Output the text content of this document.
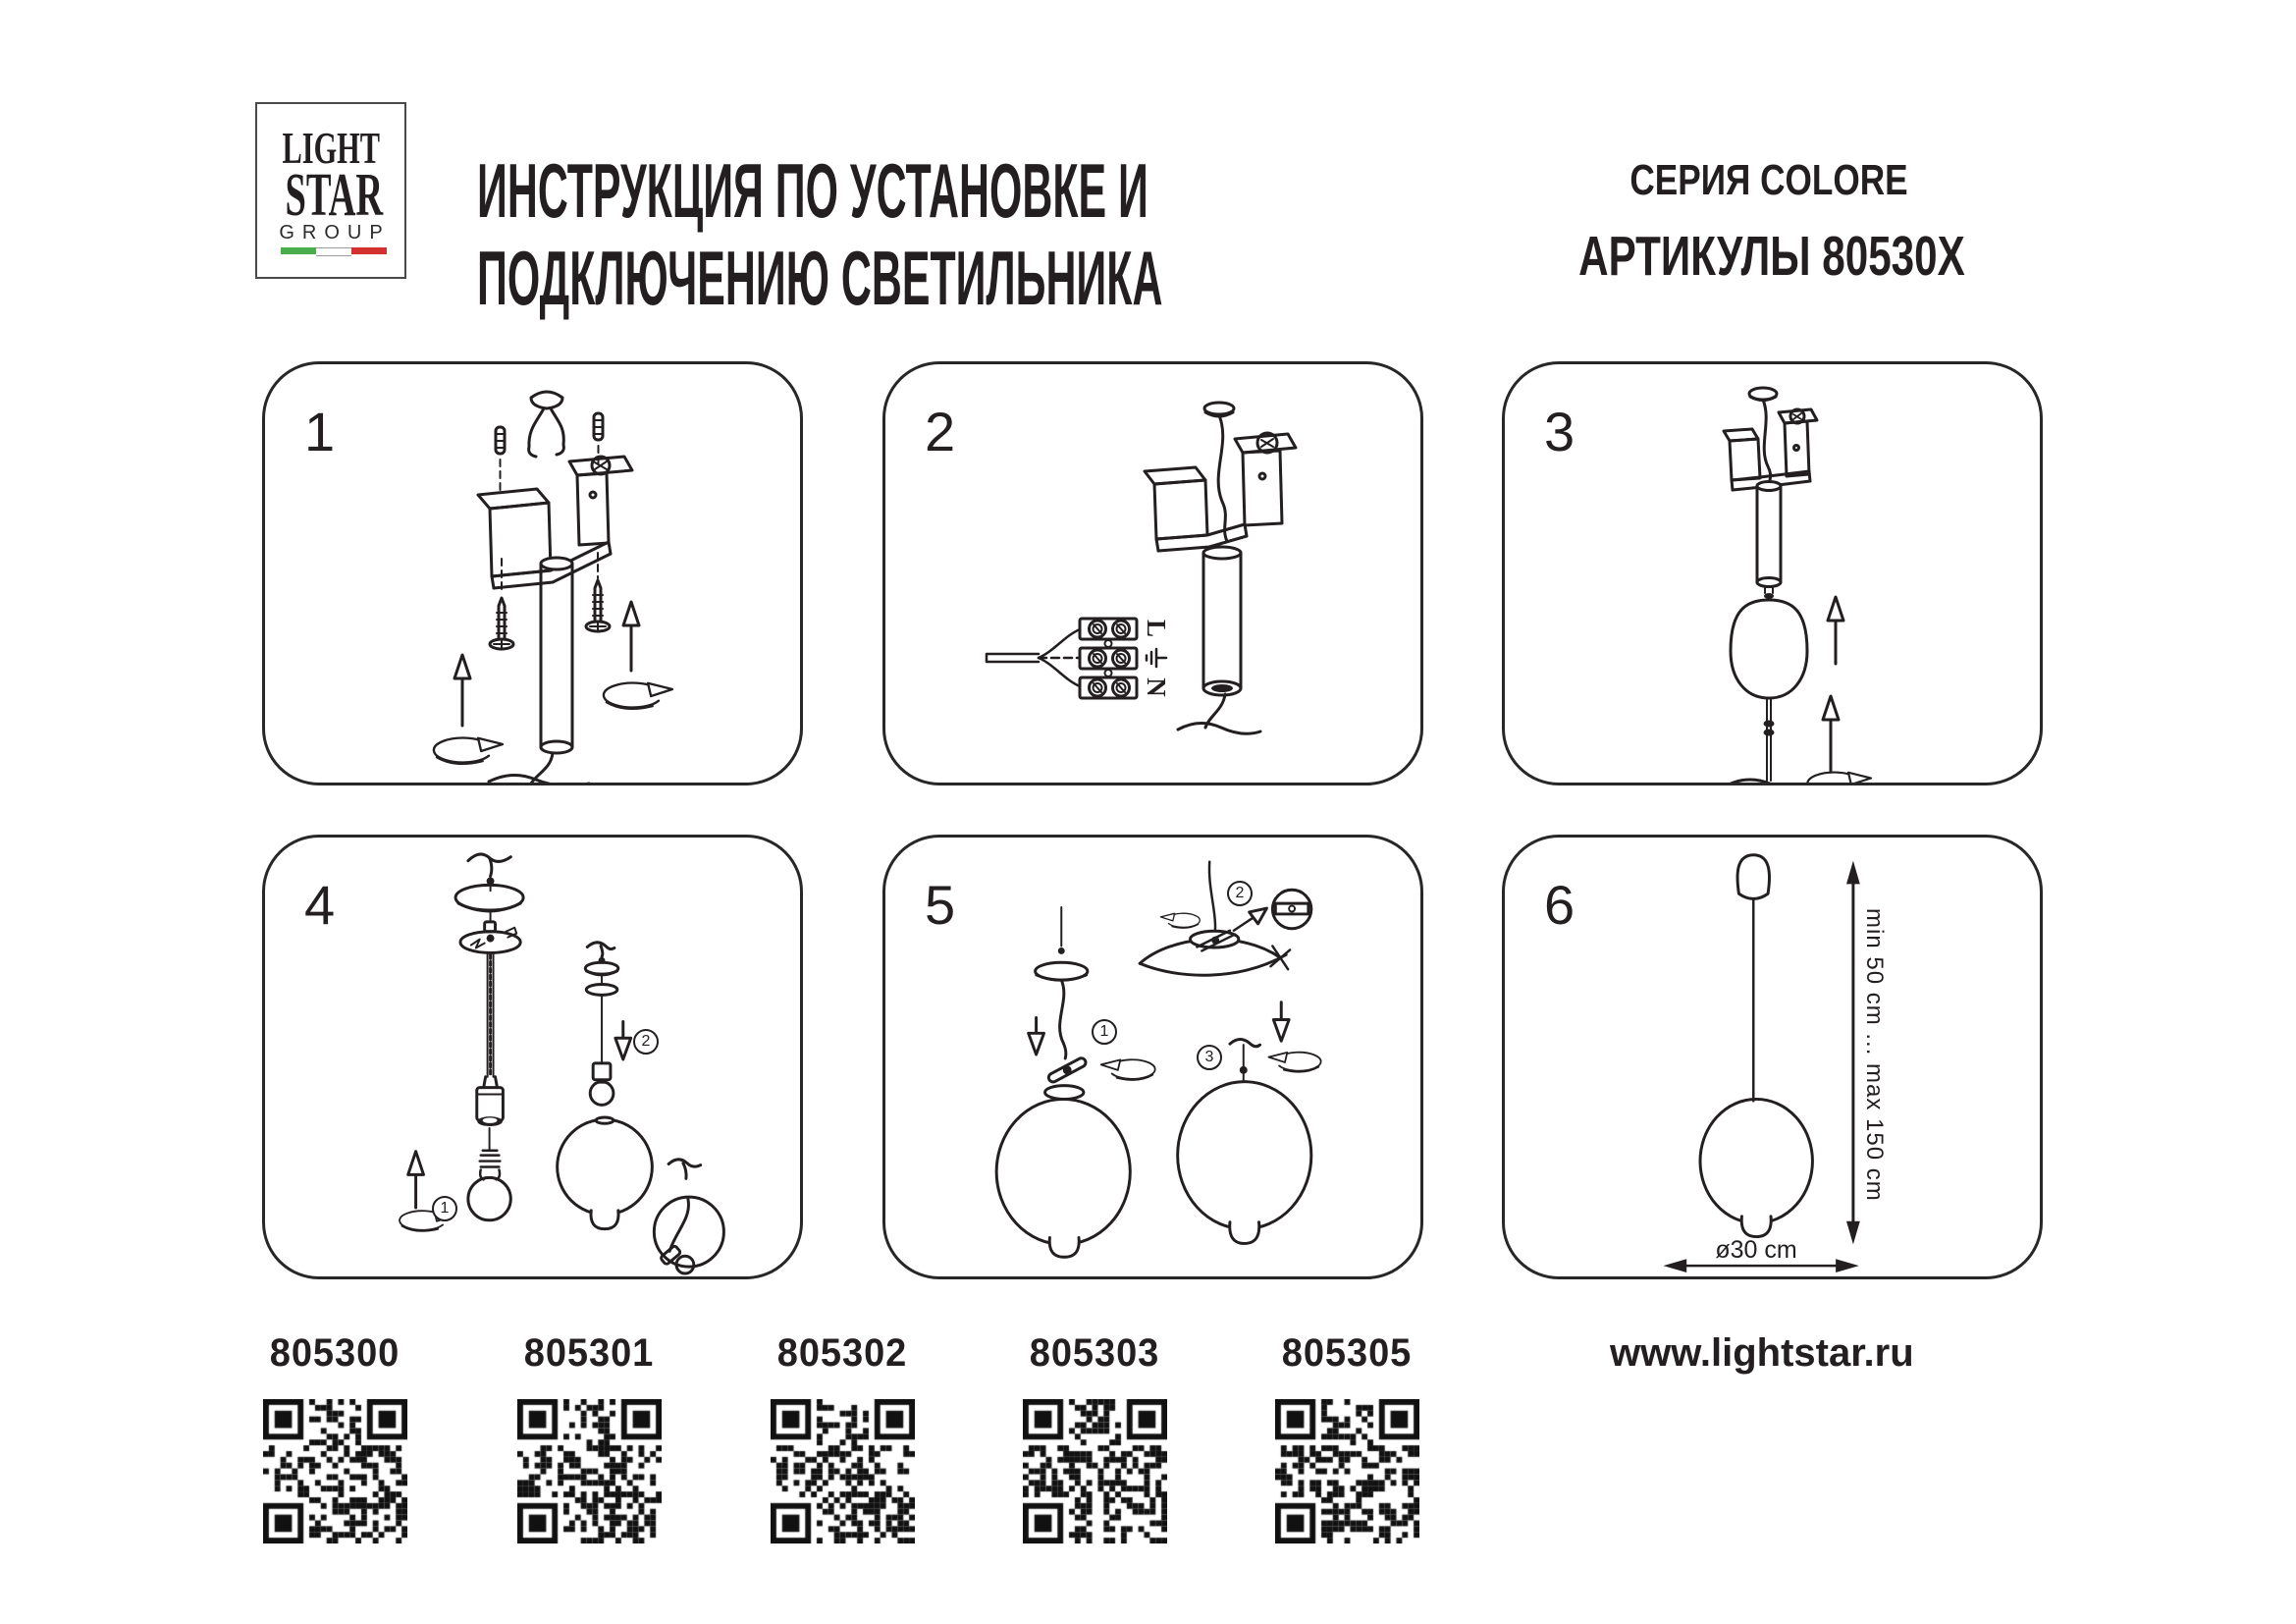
LIGHT
STAR
GROUP ИНСТРУКЦИЯ ПО УСТАНОВКЕ И
ПОДКЛЮЧЕНИЮ СВЕТИЛЬНИКА
СЕРИЯ COLORE
АРТИКУЛЫ 80530X
1	2
L
N
3
4
1
2
5
1
2
3
6
min 50 cm ... max 150 cm
ø30 cm
805300	805301	805302	805303	805305	www.lightstar.ru
